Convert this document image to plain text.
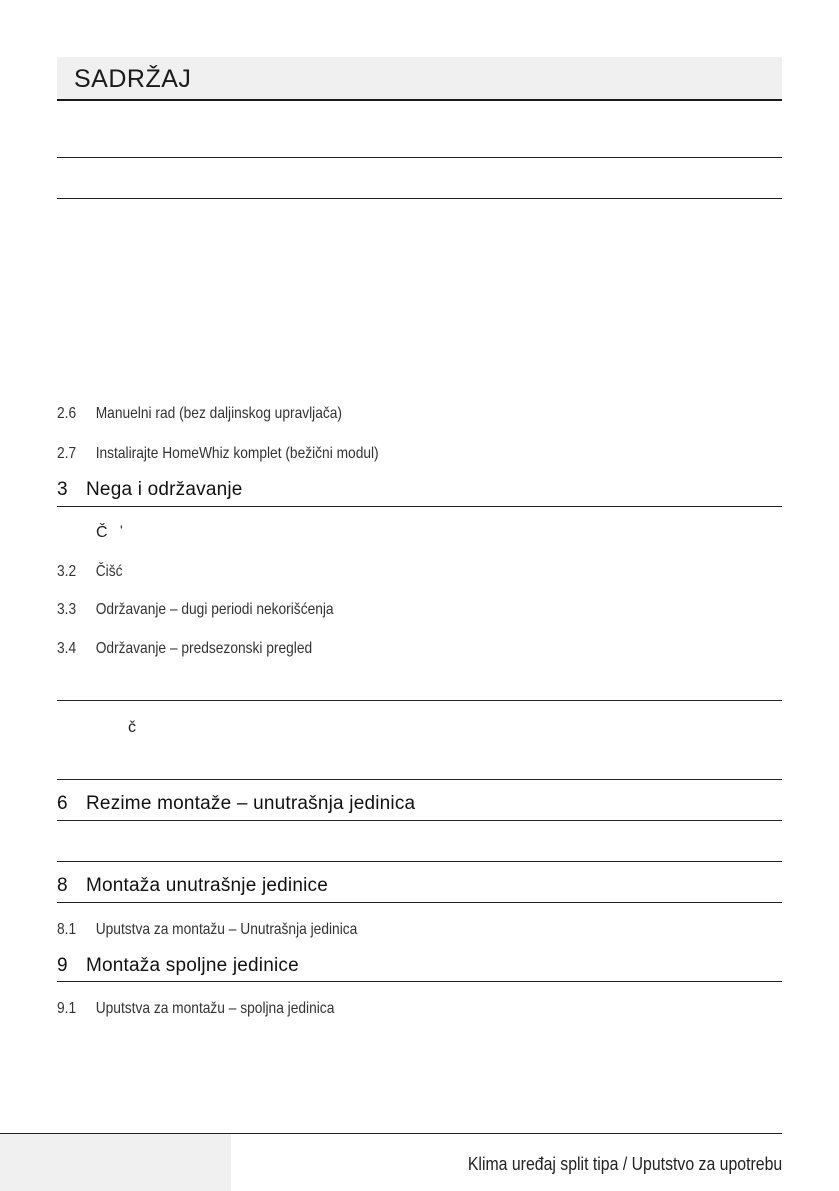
SADRŽAJ
2.6 Manuelni rad (bez daljinskog upravljača)
2.7 Instalirajte HomeWhiz komplet (bežični modul)
3 Nega i održavanje
Č ʹ
3.2 Čišć
3.3 Održavanje – dugi periodi nekorišćenja
3.4 Održavanje – predsezonski pregled
č
6 Rezime montaže – unutrašnja jedinica
8 Montaža unutrašnje jedinice
8.1 Uputstva za montažu – Unutrašnja jedinica
9 Montaža spoljne jedinice
9.1 Uputstva za montažu – spoljna jedinica
Klima uređaj split tipa / Uputstvo za upotrebu
